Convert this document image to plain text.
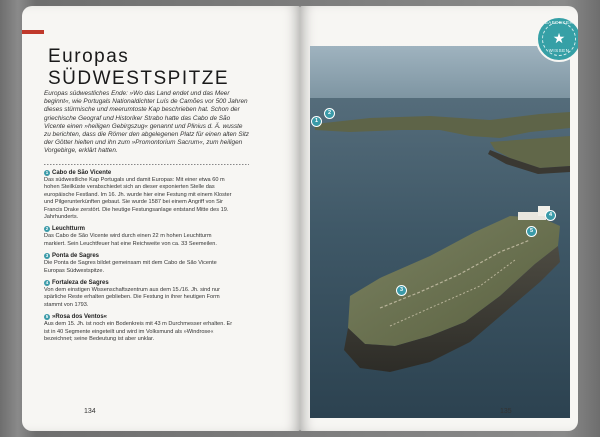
Europas
SÜDWESTSPITZE
Europas südwestliches Ende: »Wo das Land endet und das Meer beginnt«, wie Portugals Nationaldichter Luís de Camões vor 500 Jahren dieses stürmische und meerumtoste Kap beschrieben hat. Schon der griechische Geograf und Historiker Strabo hatte das Cabo de São Vicente einen »heiligen Gebirgszug« genannt und Plinius d. Ä. wusste zu berichten, dass die Römer den abgelegenen Platz für einen alten Sitz der Götter hielten und ihn zum »Promontorium Sacrum«, zum heiligen Vorgebirge, erklärt hatten.
1 Cabo de São Vicente
Das südwestliche Kap Portugals und damit Europas: Mit einer etwa 60 m hohen Steilküste verabschiedet sich an dieser exponierten Stelle das europäische Festland. Im 16. Jh. wurde hier eine Festung mit einem Kloster und Pilgerunterkünften gebaut. Sie wurde 1587 bei einem Angriff von Sir Francis Drake zerstört. Die heutige Festungsanlage entstand Mitte des 19. Jahrhunderts.
2 Leuchtturm
Das Cabo de São Vicente wird durch einen 22 m hohen Leuchtturm markiert. Sein Leuchtfeuer hat eine Reichweite von ca. 33 Seemeilen.
3 Ponta de Sagres
Die Ponta de Sagres bildet gemeinsam mit dem Cabo de São Vicente Europas Südwestspitze.
4 Fortaleza de Sagres
Von dem einstigen Wissenschaftszentrum aus dem 15./16. Jh. sind nur spärliche Reste erhalten geblieben. Die Festung in ihrer heutigen Form stammt von 1793.
5 »Rosa dos Ventos«
Aus dem 15. Jh. ist noch ein Bodenkreis mit 43 m Durchmesser erhalten. Er ist in 40 Segmente eingeteilt und wird im Volksmund als »Windrose« bezeichnet; seine Bedeutung ist aber unklar.
134
BAEDEKER
★
WISSEN
1
2
3
4
5
135
